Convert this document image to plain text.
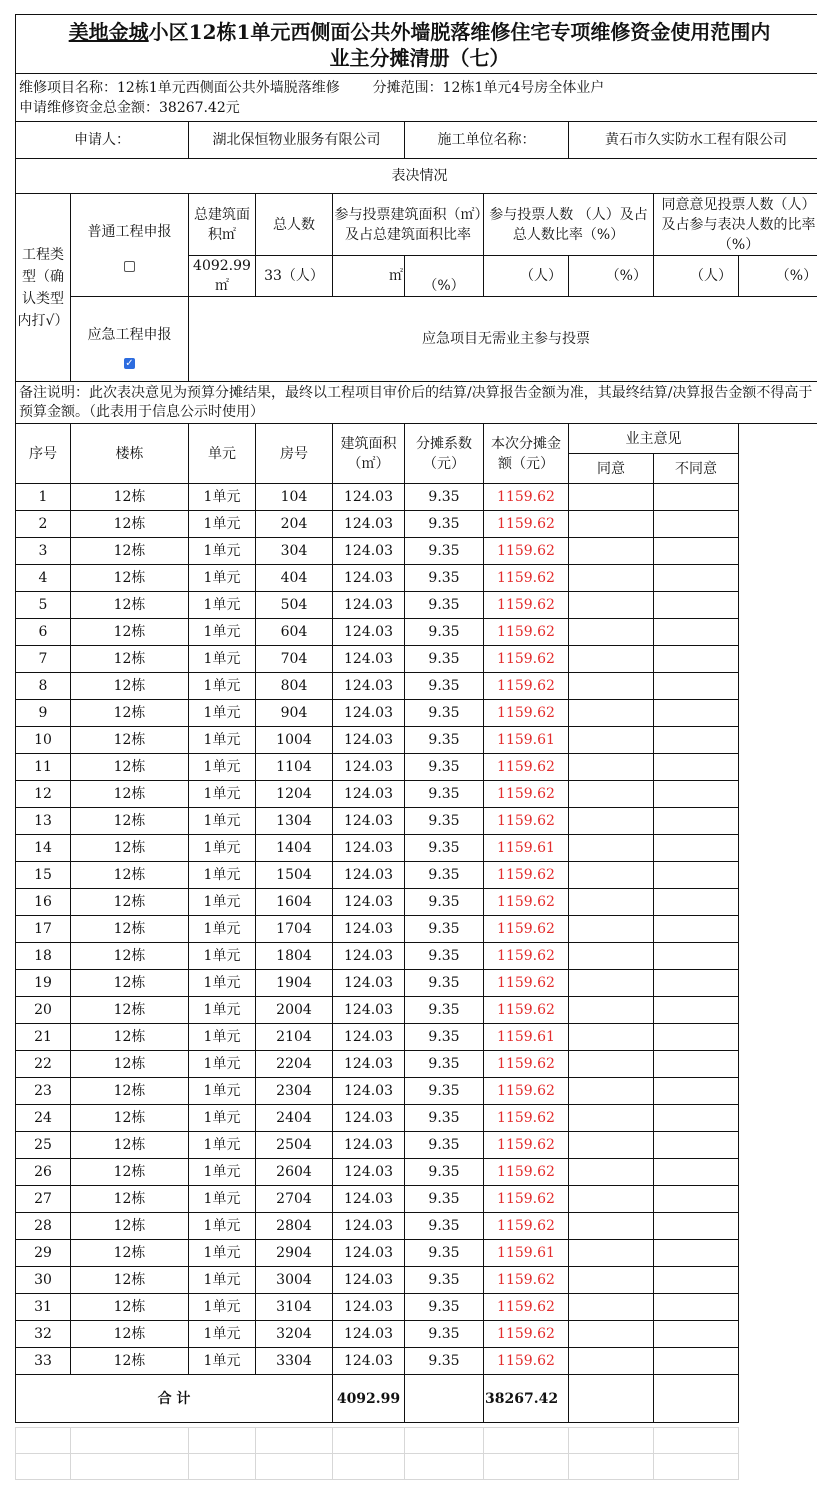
美地金城小区12栋1单元西侧面公共外墙脱落维修住宅专项维修资金使用范围内
业主分摊清册（七）									

维修项目名称：12栋1单元西侧面公共外墙脱落维修 分摊范围：12栋1单元4号房全体业户
申请维修资金总金额：38267.42元									

申请人：		湖北保恒物业服务有限公司			施工单位名称：		黄石市久实防水工程有限公司		
表决情况									
工程类型（确认类型内打√）	普通工程申报	总建筑面积㎡	总人数	参与投票建筑面积（㎡）及占总建筑面积比率		参与投票人数 （人）及占总人数比率（%）		同意意见投票人数（人）及占参与表决人数的比率（%）	
		4092.99㎡	33（人）	㎡	（%）	（人）	（%）	（人）	（%）

	应急工程申报
✓	应急项目无需业主参与投票							
备注说明：此次表决意见为预算分摊结果，最终以工程项目审价后的结算/决算报告金额为准，其最终结算/决算报告金额不得高于预算金额。（此表用于信息公示时使用）									
序号	楼栋	单元	房号	建筑面积（㎡）	分摊系数（元）	本次分摊金额（元）	业主意见		
							同意	不同意	
1	12栋	1单元	104	124.03	9.35	1159.62			
2	12栋	1单元	204	124.03	9.35	1159.62			
3	12栋	1单元	304	124.03	9.35	1159.62			
4	12栋	1单元	404	124.03	9.35	1159.62			
5	12栋	1单元	504	124.03	9.35	1159.62			
6	12栋	1单元	604	124.03	9.35	1159.62			
7	12栋	1单元	704	124.03	9.35	1159.62			
8	12栋	1单元	804	124.03	9.35	1159.62			
9	12栋	1单元	904	124.03	9.35	1159.62			
10	12栋	1单元	1004	124.03	9.35	1159.61			
11	12栋	1单元	1104	124.03	9.35	1159.62			
12	12栋	1单元	1204	124.03	9.35	1159.62			
13	12栋	1单元	1304	124.03	9.35	1159.62			
14	12栋	1单元	1404	124.03	9.35	1159.61			
15	12栋	1单元	1504	124.03	9.35	1159.62			
16	12栋	1单元	1604	124.03	9.35	1159.62			
17	12栋	1单元	1704	124.03	9.35	1159.62			
18	12栋	1单元	1804	124.03	9.35	1159.62			
19	12栋	1单元	1904	124.03	9.35	1159.62			
20	12栋	1单元	2004	124.03	9.35	1159.62			
21	12栋	1单元	2104	124.03	9.35	1159.61			
22	12栋	1单元	2204	124.03	9.35	1159.62			
23	12栋	1单元	2304	124.03	9.35	1159.62			
24	12栋	1单元	2404	124.03	9.35	1159.62			
25	12栋	1单元	2504	124.03	9.35	1159.62			
26	12栋	1单元	2604	124.03	9.35	1159.62			
27	12栋	1单元	2704	124.03	9.35	1159.62			
28	12栋	1单元	2804	124.03	9.35	1159.62			
29	12栋	1单元	2904	124.03	9.35	1159.61			
30	12栋	1单元	3004	124.03	9.35	1159.62			
31	12栋	1单元	3104	124.03	9.35	1159.62			
32	12栋	1单元	3204	124.03	9.35	1159.62			
33	12栋	1单元	3304	124.03	9.35	1159.62			
合 计				4092.99		38267.42			
